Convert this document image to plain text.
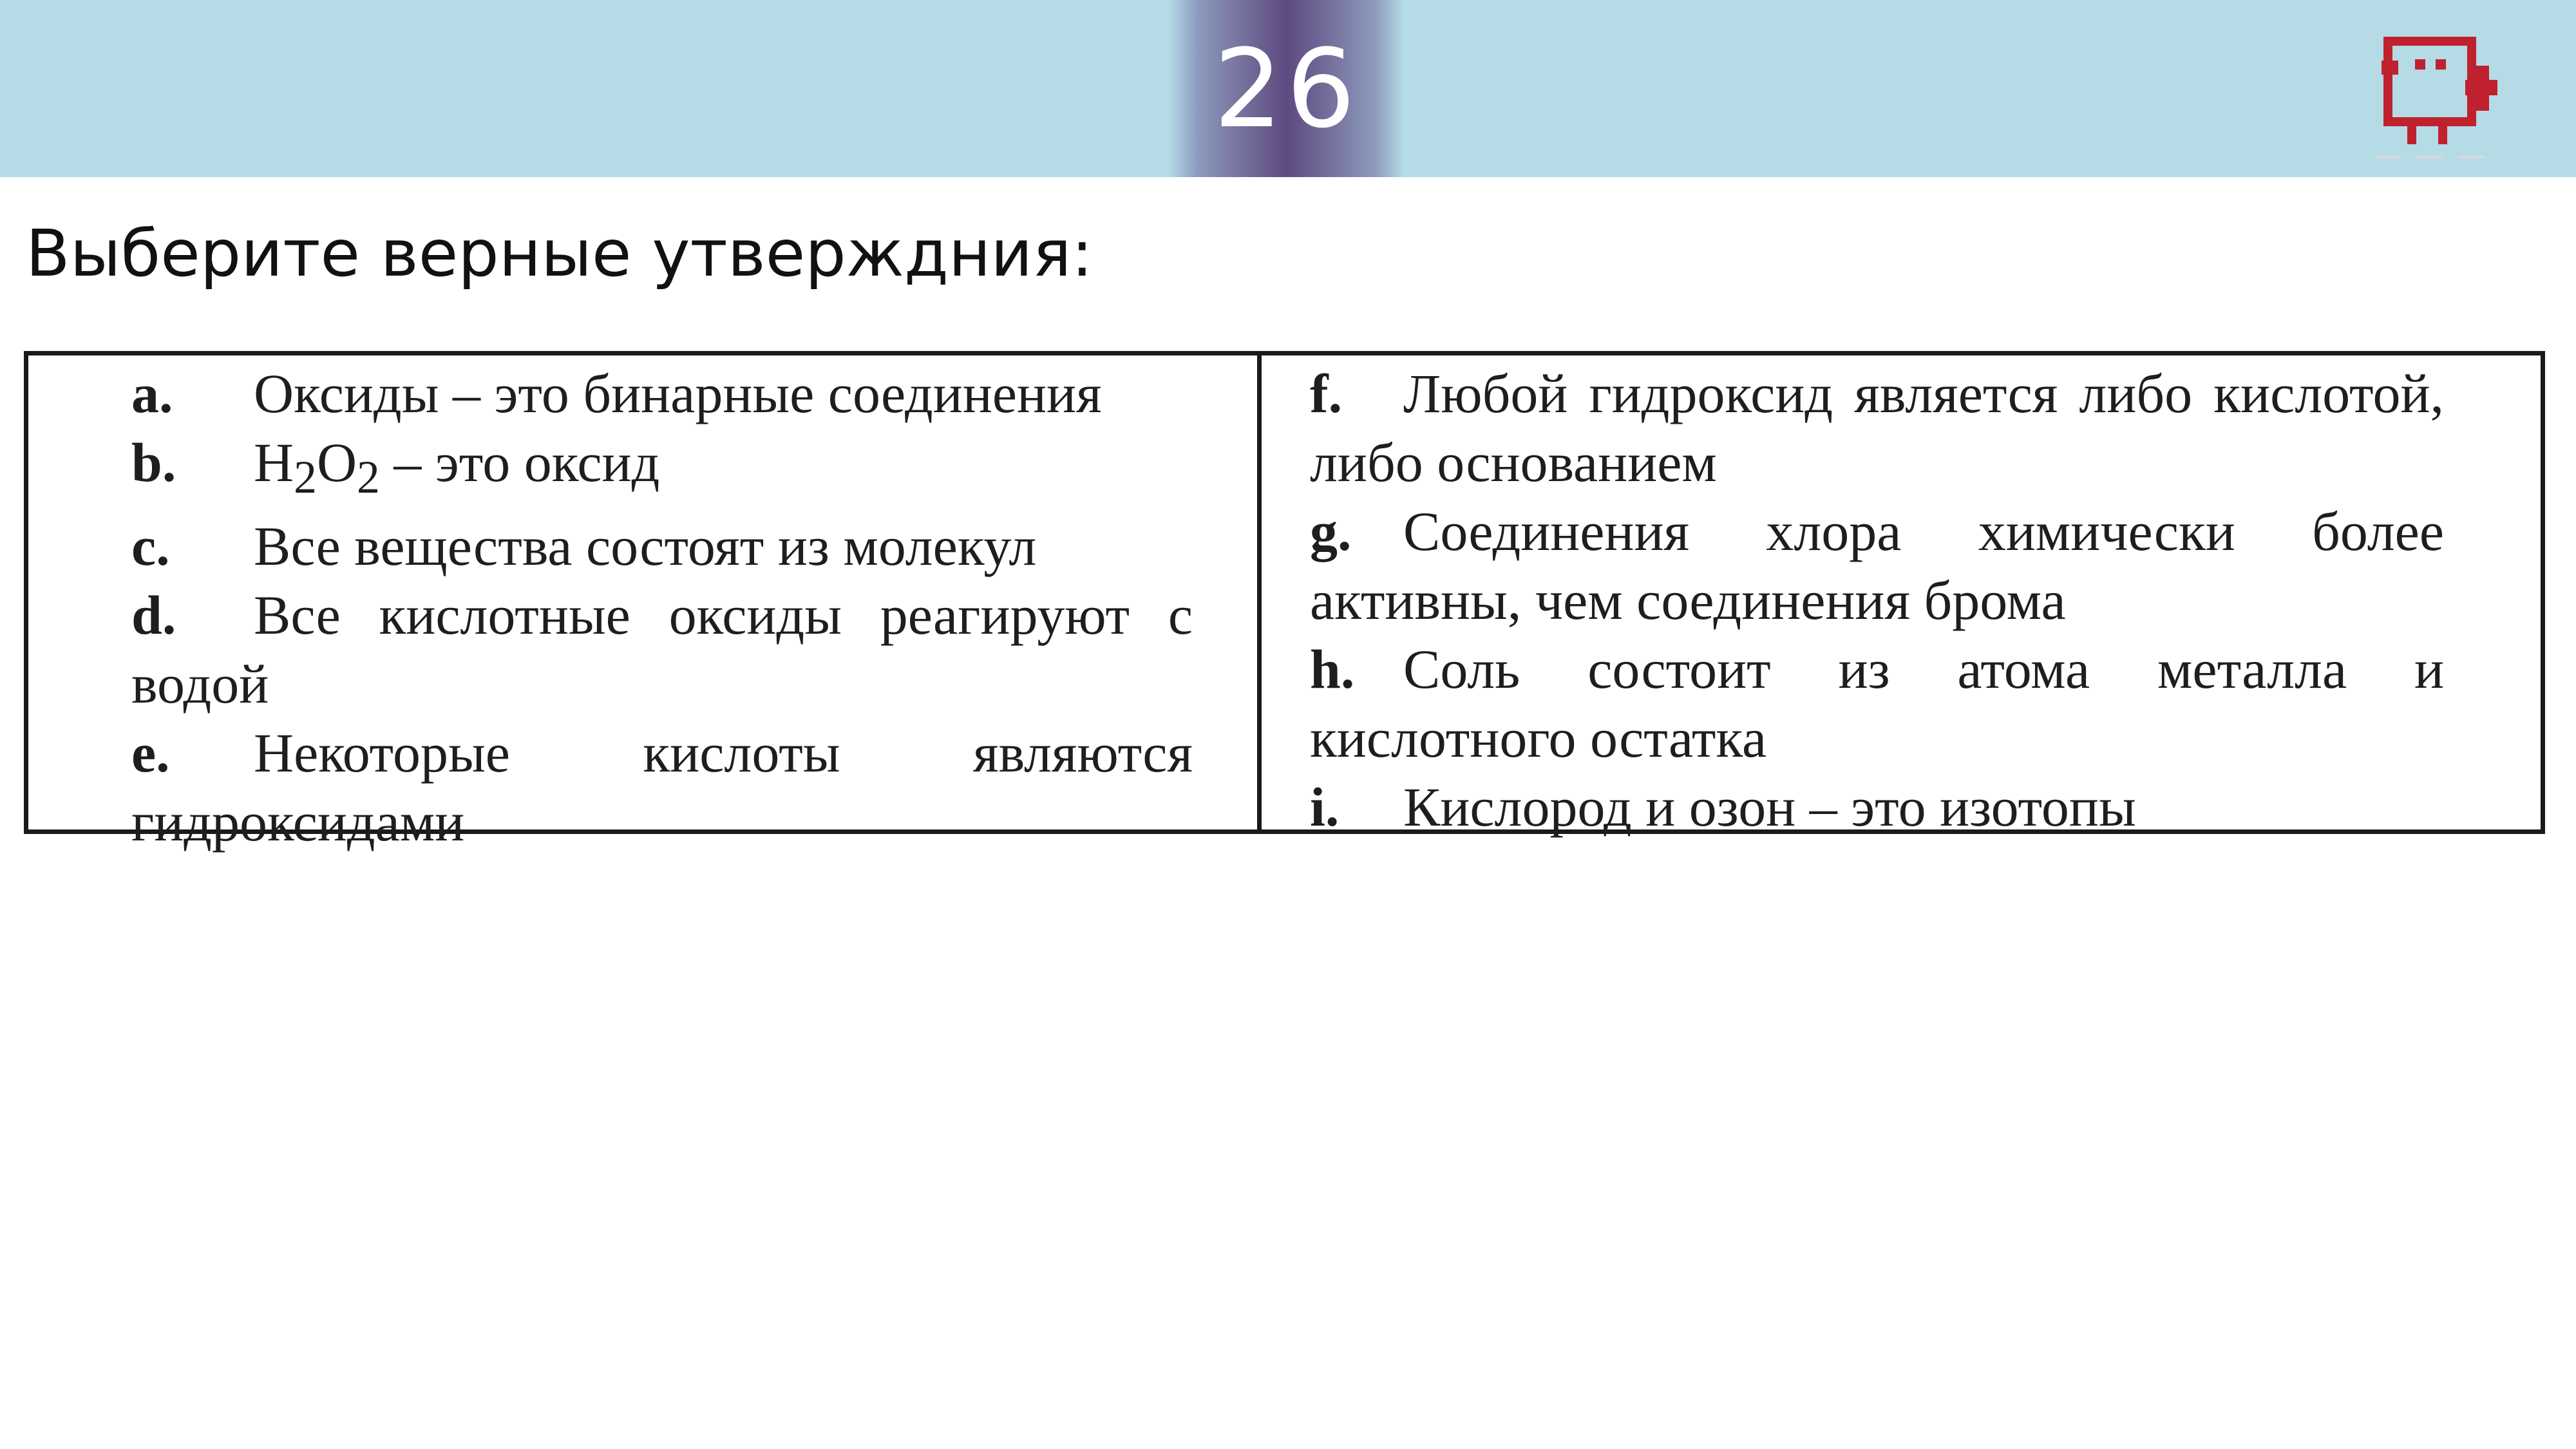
26
Выберите верные утверждния:
a. Оксиды – это бинарные соединения
b. $H_2O_2$ – это оксид
c. Все вещества состоят из молекул
d. Все кислотные оксиды реагируют с водой
e. Некоторые кислоты являются гидроксидами
f. Любой гидроксид является либо кислотой, либо основанием
g. Соединения хлора химически более активны, чем соединения брома
h. Соль состоит из атома металла и кислотного остатка
i. Кислород и озон – это изотопы
